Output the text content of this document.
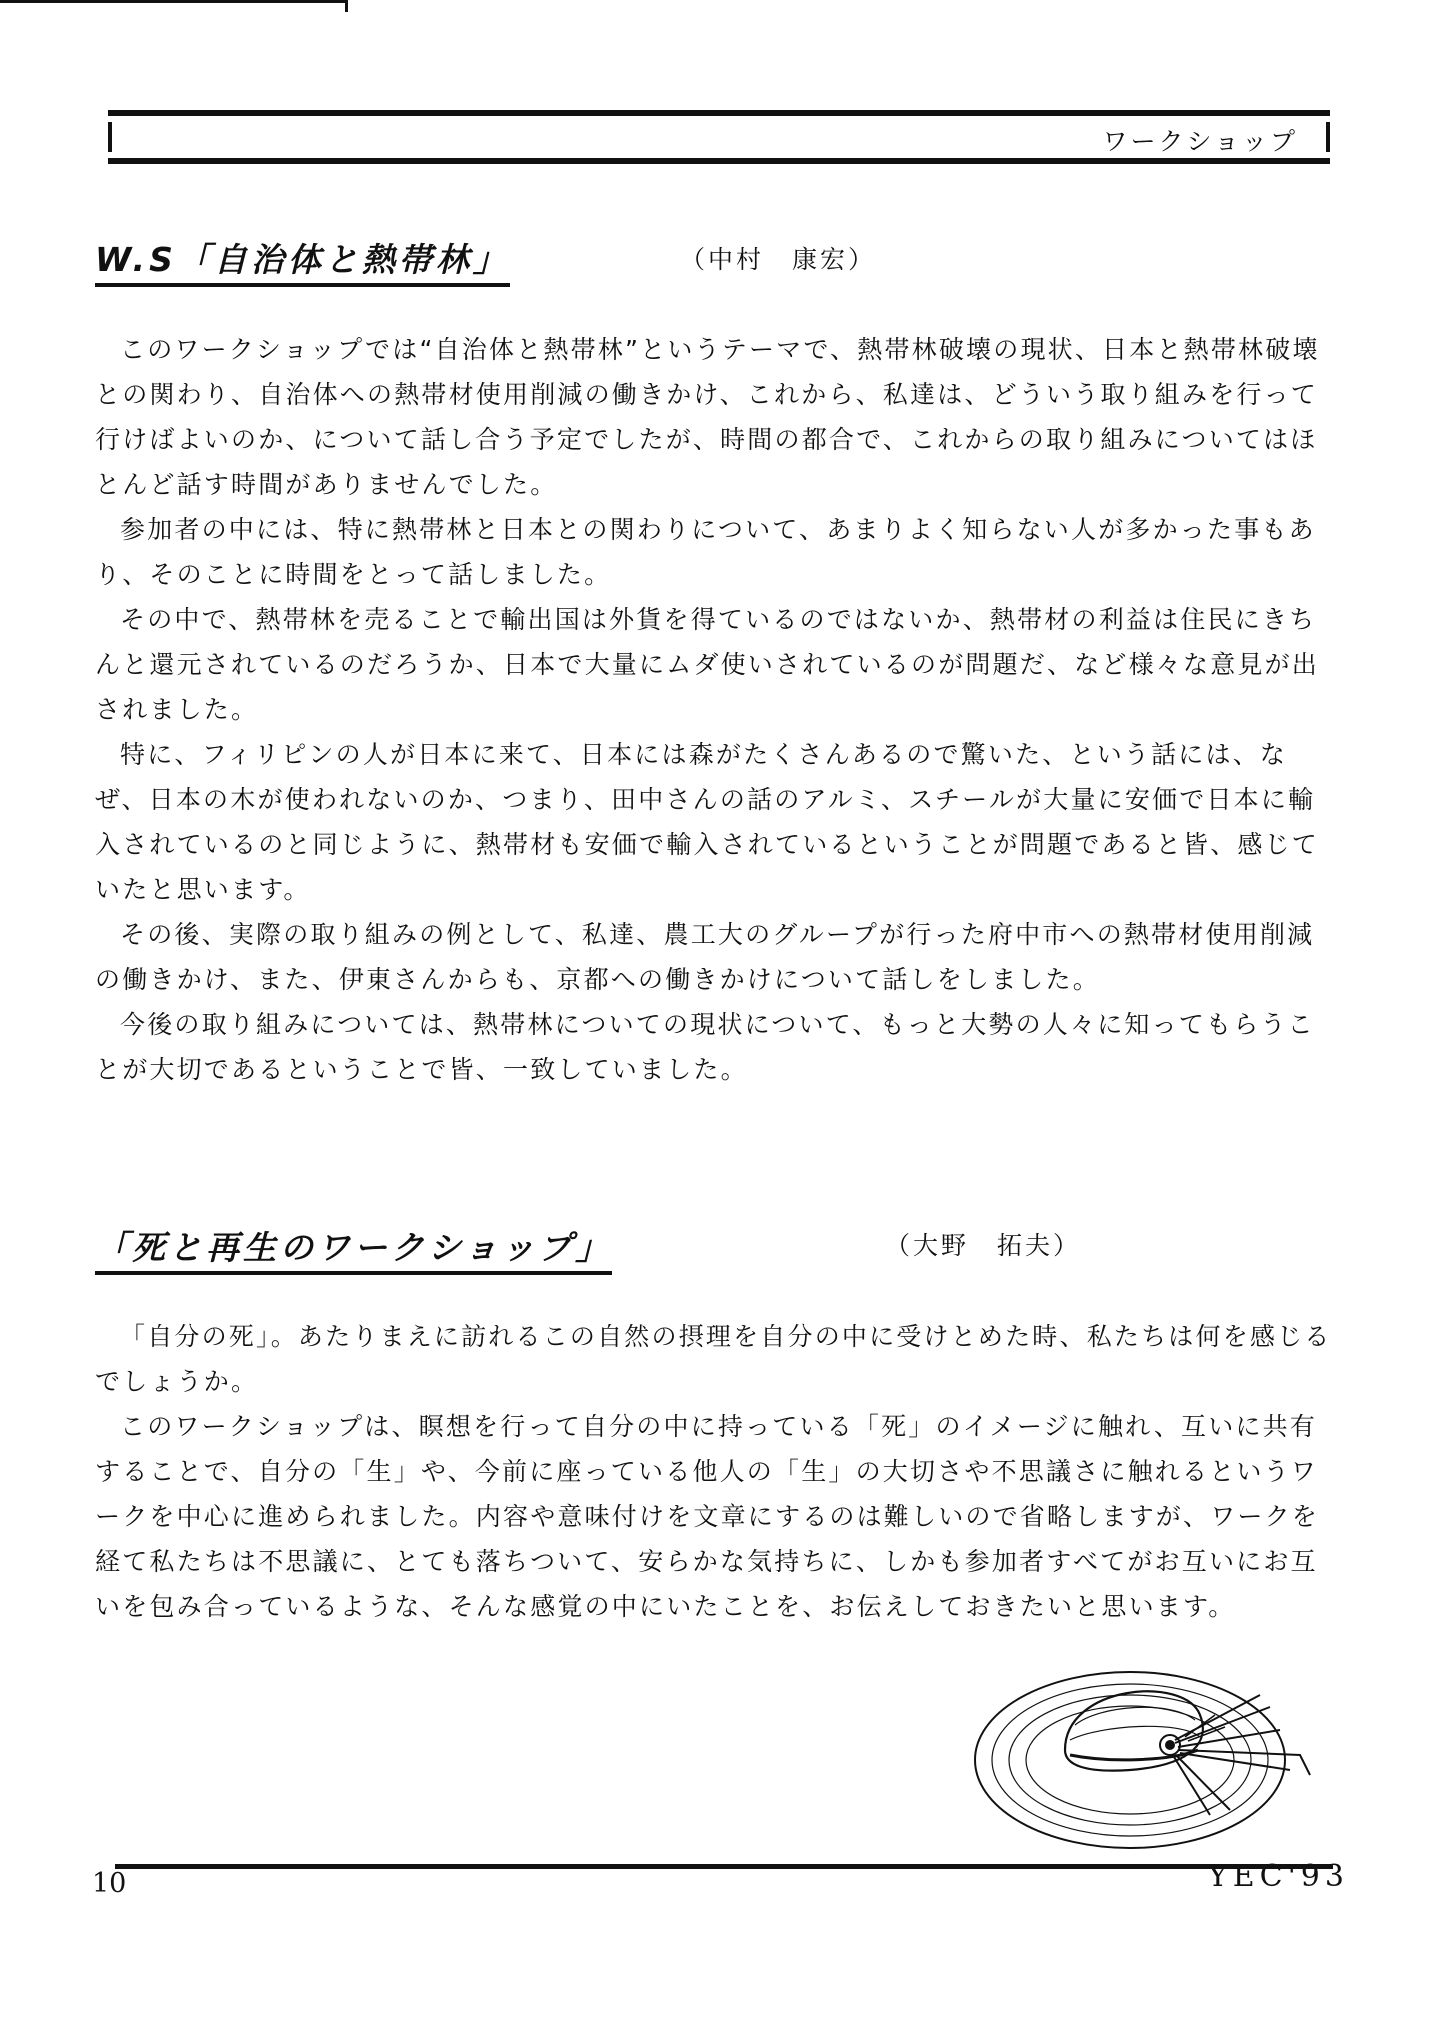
ワークショップ
W.S「自治体と熱帯林」	（中村　康宏）

このワークショップでは“自治体と熱帯林”というテーマで、熱帯林破壊の現状、日本と熱帯林破壊との関わり、自治体への熱帯材使用削減の働きかけ、これから、私達は、どういう取り組みを行って行けばよいのか、について話し合う予定でしたが、時間の都合で、これからの取り組みについてはほとんど話す時間がありませんでした。

参加者の中には、特に熱帯林と日本との関わりについて、あまりよく知らない人が多かった事もあり、そのことに時間をとって話しました。

その中で、熱帯林を売ることで輸出国は外貨を得ているのではないか、熱帯材の利益は住民にきちんと還元されているのだろうか、日本で大量にムダ使いされているのが問題だ、など様々な意見が出されました。

特に、フィリピンの人が日本に来て、日本には森がたくさんあるので驚いた、という話には、なぜ、日本の木が使われないのか、つまり、田中さんの話のアルミ、スチールが大量に安価で日本に輸入されているのと同じように、熱帯材も安価で輸入されているということが問題であると皆、感じていたと思います。

その後、実際の取り組みの例として、私達、農工大のグループが行った府中市への熱帯材使用削減の働きかけ、また、伊東さんからも、京都への働きかけについて話しをしました。

今後の取り組みについては、熱帯林についての現状について、もっと大勢の人々に知ってもらうことが大切であるということで皆、一致していました。

「死と再生のワークショップ」	（大野　拓夫）

「自分の死」。あたりまえに訪れるこの自然の摂理を自分の中に受けとめた時、私たちは何を感じるでしょうか。

このワークショップは、瞑想を行って自分の中に持っている「死」のイメージに触れ、互いに共有することで、自分の「生」や、今前に座っている他人の「生」の大切さや不思議さに触れるというワークを中心に進められました。内容や意味付けを文章にするのは難しいので省略しますが、ワークを経て私たちは不思議に、とても落ちついて、安らかな気持ちに、しかも参加者すべてがお互いにお互いを包み合っているような、そんな感覚の中にいたことを、お伝えしておきたいと思います。

10	YEC'93
